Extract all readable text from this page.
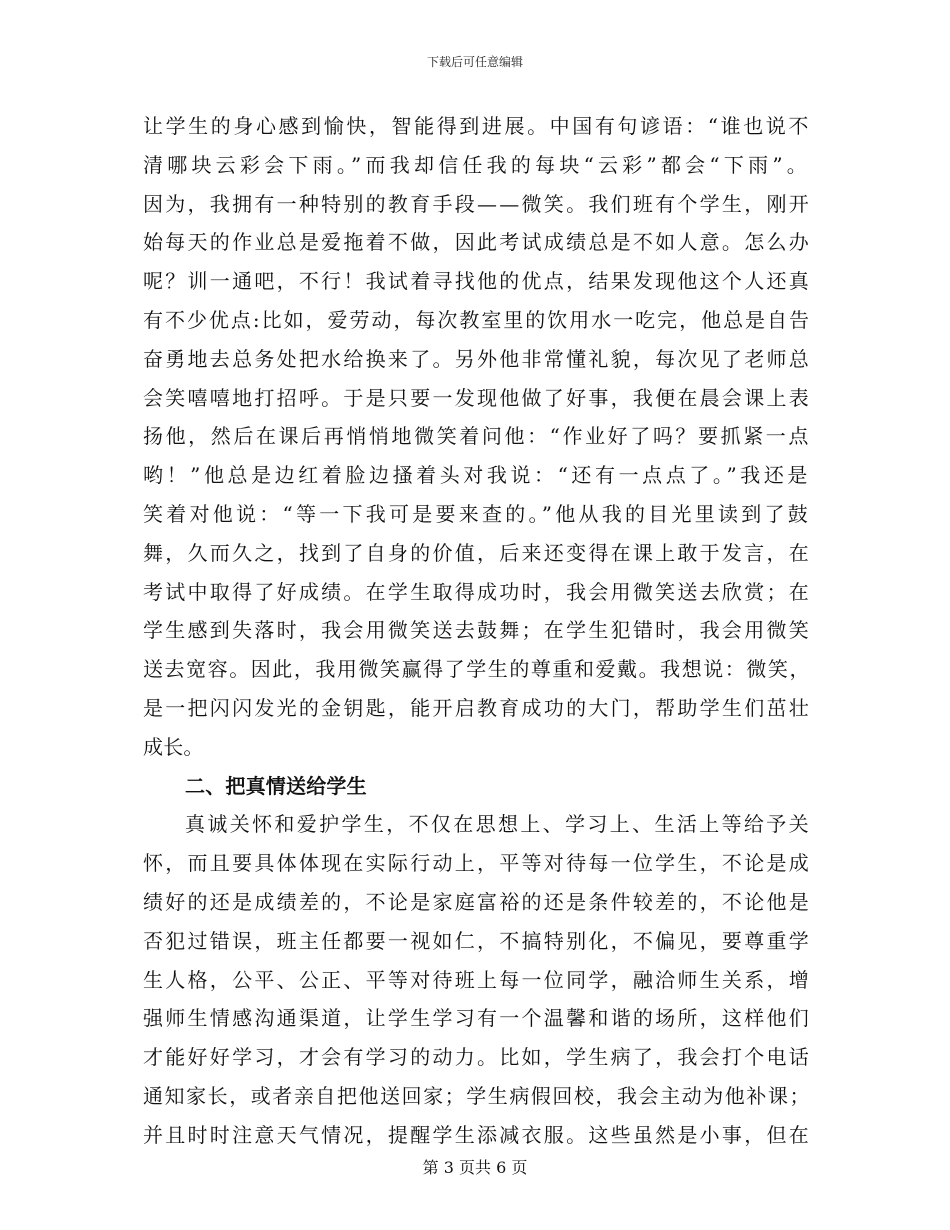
下载后可任意编辑
让学生的身心感到愉快，智能得到进展。中国有句谚语：“谁也说不
清哪块云彩会下雨。”而我却信任我的每块“云彩”都会“下雨”。
因为，我拥有一种特别的教育手段——微笑。我们班有个学生，刚开
始每天的作业总是爱拖着不做，因此考试成绩总是不如人意。怎么办
呢？训一通吧，不行！我试着寻找他的优点，结果发现他这个人还真
有不少优点:比如，爱劳动，每次教室里的饮用水一吃完，他总是自告
奋勇地去总务处把水给换来了。另外他非常懂礼貌，每次见了老师总
会笑嘻嘻地打招呼。于是只要一发现他做了好事，我便在晨会课上表
扬他，然后在课后再悄悄地微笑着问他：“作业好了吗？要抓紧一点
哟！”他总是边红着脸边搔着头对我说：“还有一点点了。”我还是
笑着对他说：“等一下我可是要来查的。”他从我的目光里读到了鼓
舞，久而久之，找到了自身的价值，后来还变得在课上敢于发言，在
考试中取得了好成绩。在学生取得成功时，我会用微笑送去欣赏；在
学生感到失落时，我会用微笑送去鼓舞；在学生犯错时，我会用微笑
送去宽容。因此，我用微笑赢得了学生的尊重和爱戴。我想说：微笑，
是一把闪闪发光的金钥匙，能开启教育成功的大门，帮助学生们茁壮
成长。
二、把真情送给学生
真诚关怀和爱护学生，不仅在思想上、学习上、生活上等给予关
怀，而且要具体体现在实际行动上，平等对待每一位学生，不论是成
绩好的还是成绩差的，不论是家庭富裕的还是条件较差的，不论他是
否犯过错误，班主任都要一视如仁，不搞特别化，不偏见，要尊重学
生人格，公平、公正、平等对待班上每一位同学，融洽师生关系，增
强师生情感沟通渠道，让学生学习有一个温馨和谐的场所，这样他们
才能好好学习，才会有学习的动力。比如，学生病了，我会打个电话
通知家长，或者亲自把他送回家；学生病假回校，我会主动为他补课；
并且时时注意天气情况，提醒学生添减衣服。这些虽然是小事，但在
第 3 页共 6 页
